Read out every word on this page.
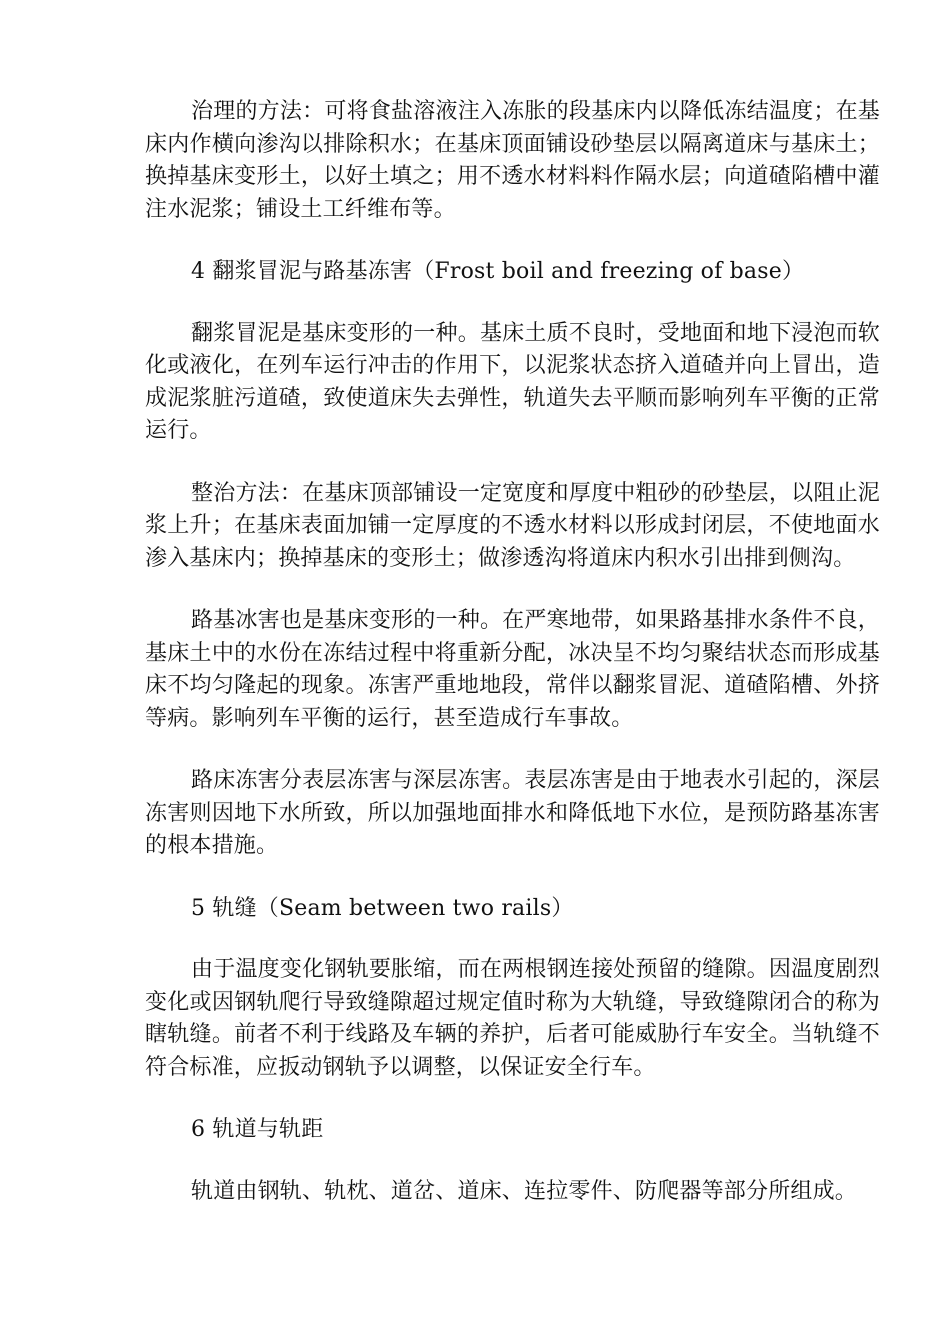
治理的方法：可将食盐溶液注入冻胀的段基床内以降低冻结温度；在基床内作横向渗沟以排除积水；在基床顶面铺设砂垫层以隔离道床与基床土；换掉基床变形土，以好土填之；用不透水材料料作隔水层；向道碴陷槽中灌注水泥浆；铺设土工纤维布等。

4 翻浆冒泥与路基冻害（Frost boil and freezing of base）

翻浆冒泥是基床变形的一种。基床土质不良时，受地面和地下浸泡而软化或液化，在列车运行冲击的作用下，以泥浆状态挤入道碴并向上冒出，造成泥浆脏污道碴，致使道床失去弹性，轨道失去平顺而影响列车平衡的正常运行。

整治方法：在基床顶部铺设一定宽度和厚度中粗砂的砂垫层，以阻止泥浆上升；在基床表面加铺一定厚度的不透水材料以形成封闭层，不使地面水渗入基床内；换掉基床的变形土；做渗透沟将道床内积水引出排到侧沟。

路基冰害也是基床变形的一种。在严寒地带，如果路基排水条件不良，基床土中的水份在冻结过程中将重新分配，冰决呈不均匀聚结状态而形成基床不均匀隆起的现象。冻害严重地地段，常伴以翻浆冒泥、道碴陷槽、外挤等病。影响列车平衡的运行，甚至造成行车事故。

路床冻害分表层冻害与深层冻害。表层冻害是由于地表水引起的，深层冻害则因地下水所致，所以加强地面排水和降低地下水位，是预防路基冻害的根本措施。

5 轨缝（Seam between two rails）

由于温度变化钢轨要胀缩，而在两根钢连接处预留的缝隙。因温度剧烈变化或因钢轨爬行导致缝隙超过规定值时称为大轨缝，导致缝隙闭合的称为瞎轨缝。前者不利于线路及车辆的养护，后者可能威胁行车安全。当轨缝不符合标准，应扳动钢轨予以调整，以保证安全行车。

6 轨道与轨距

轨道由钢轨、轨枕、道岔、道床、连拉零件、防爬器等部分所组成。
